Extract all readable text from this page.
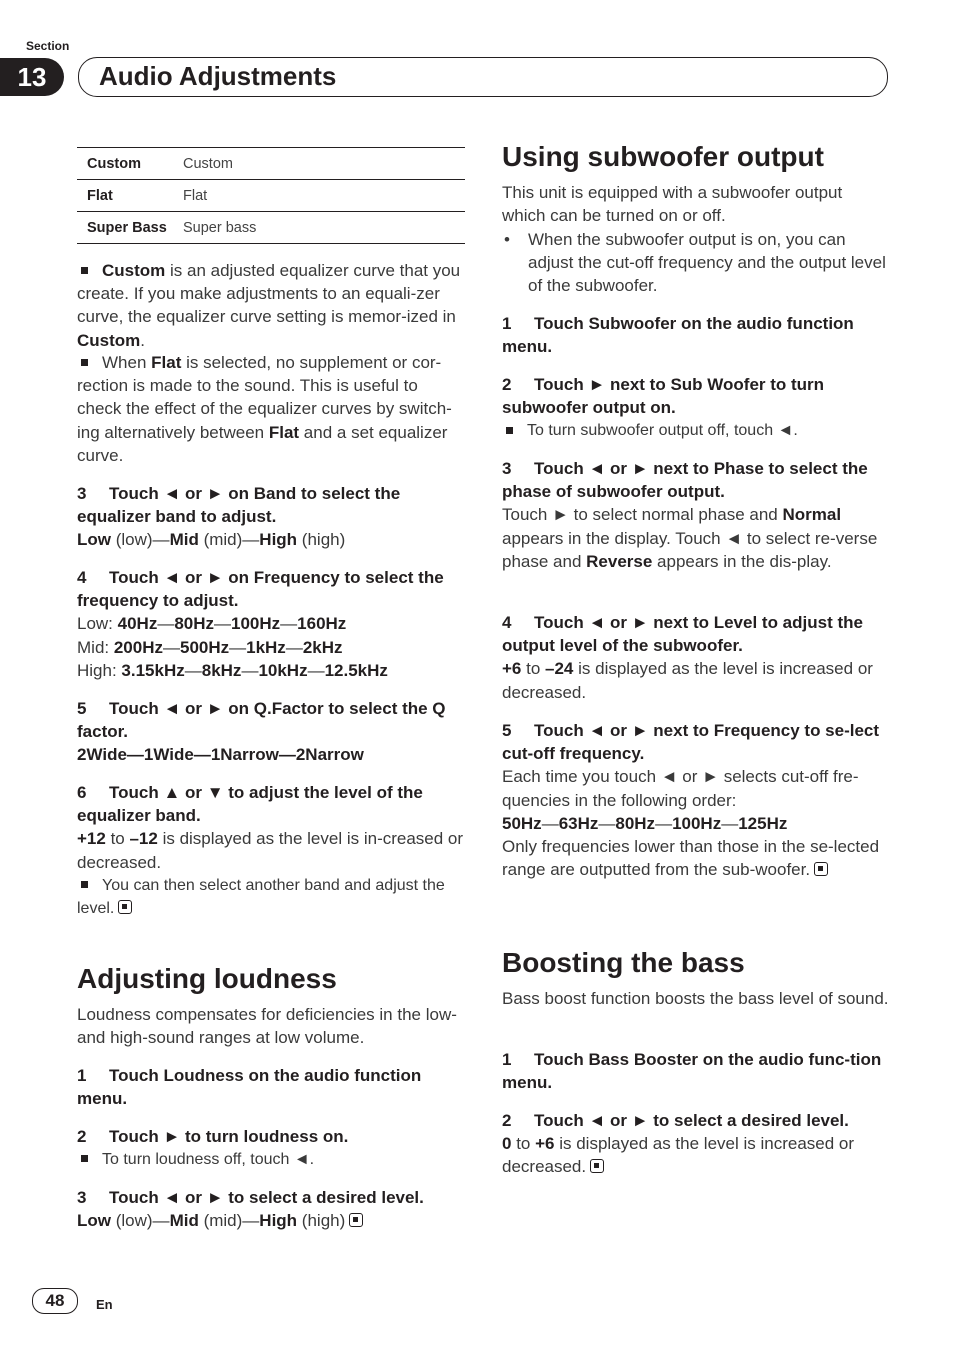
Section
13	Audio Adjustments
Custom	Custom
Flat	Flat
Super Bass	Super bass
Custom is an adjusted equalizer curve that you create. If you make adjustments to an equali-zer curve, the equalizer curve setting is memor-ized in Custom.
When Flat is selected, no supplement or cor-rection is made to the sound. This is useful to check the effect of the equalizer curves by switch-ing alternatively between Flat and a set equalizer curve.
3 Touch ◄ or ► on Band to select the equalizer band to adjust.
Low (low)—Mid (mid)—High (high)
4 Touch ◄ or ► on Frequency to select the frequency to adjust.
Low: 40Hz—80Hz—100Hz—160Hz
Mid: 200Hz—500Hz—1kHz—2kHz
High: 3.15kHz—8kHz—10kHz—12.5kHz
5 Touch ◄ or ► on Q.Factor to select the Q factor.
2Wide—1Wide—1Narrow—2Narrow
6 Touch ▲ or ▼ to adjust the level of the equalizer band.
+12 to –12 is displayed as the level is in-creased or decreased.
You can then select another band and adjust the level.
Adjusting loudness
Loudness compensates for deficiencies in the low- and high-sound ranges at low volume.
1 Touch Loudness on the audio function menu.
2 Touch ► to turn loudness on.
To turn loudness off, touch ◄.
3 Touch ◄ or ► to select a desired level.
Low (low)—Mid (mid)—High (high)
Using subwoofer output
This unit is equipped with a subwoofer output which can be turned on or off.
• When the subwoofer output is on, you can adjust the cut-off frequency and the output level of the subwoofer.
1 Touch Subwoofer on the audio function menu.
2 Touch ► next to Sub Woofer to turn subwoofer output on.
To turn subwoofer output off, touch ◄.
3 Touch ◄ or ► next to Phase to select the phase of subwoofer output.
Touch ► to select normal phase and Normal appears in the display. Touch ◄ to select re-verse phase and Reverse appears in the dis-play.
4 Touch ◄ or ► next to Level to adjust the output level of the subwoofer.
+6 to –24 is displayed as the level is increased or decreased.
5 Touch ◄ or ► next to Frequency to se-lect cut-off frequency.
Each time you touch ◄ or ► selects cut-off fre-quencies in the following order:
50Hz—63Hz—80Hz—100Hz—125Hz
Only frequencies lower than those in the se-lected range are outputted from the sub-woofer.
Boosting the bass
Bass boost function boosts the bass level of sound.
1 Touch Bass Booster on the audio func-tion menu.
2 Touch ◄ or ► to select a desired level.
0 to +6 is displayed as the level is increased or decreased.
48	En
